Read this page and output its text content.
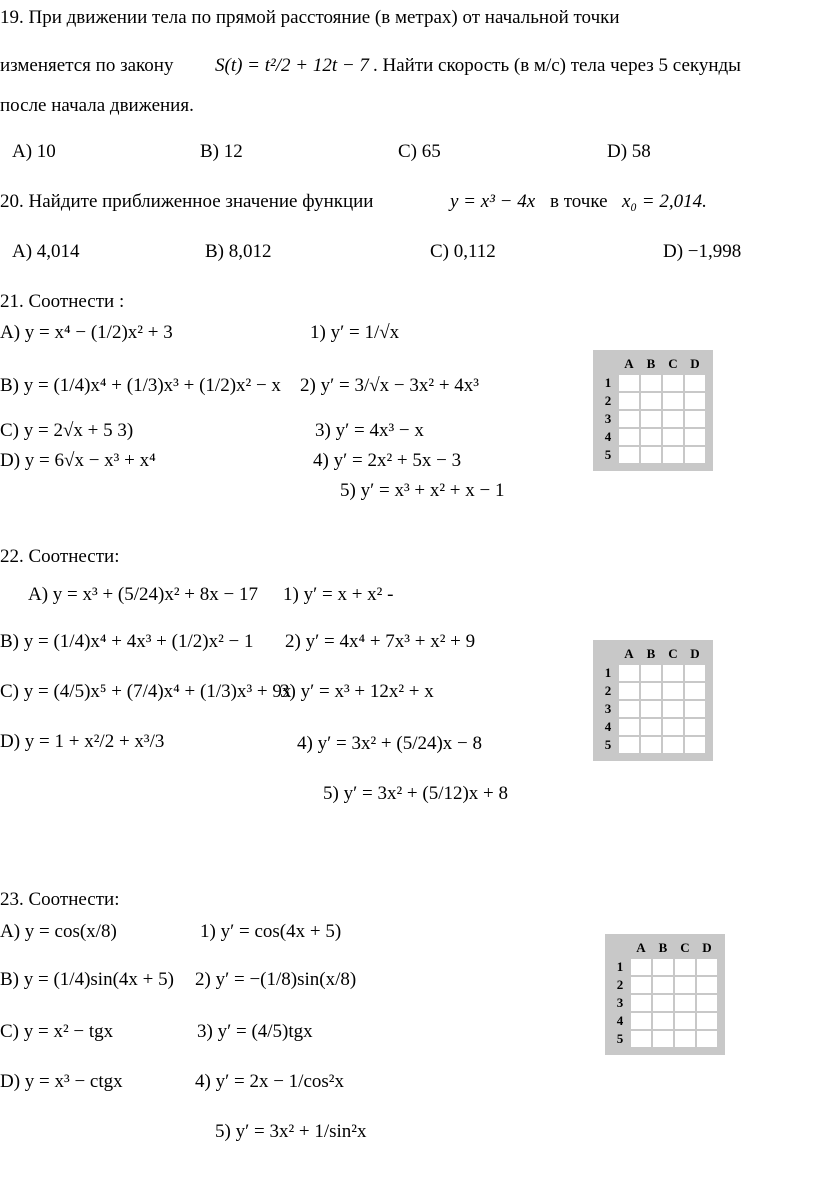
19. При движении тела по прямой расстояние (в метрах) от начальной точки
изменяется по закону S(t) = t²/2 + 12t − 7 . Найти скорость (в м/с) тела через 5 секунды
после начала движения.
A) 10	B) 12	C) 65	D) 58
20. Найдите приближенное значение функции	y = x³ − 4x в точке x₀ = 2,014.
A) 4,014	B) 8,012	C) 0,112	D) −1,998
21. Соотнести :
A) y = x⁴ − (1/2)x² + 3
B) y = (1/4)x⁴ + (1/3)x³ + (1/2)x² − x
C) y = 2√x + 5 3)
D) y = 6√x − x³ + x⁴
1) y′ = 1/√x
2) y′ = 3/√x − 3x² + 4x³
3) y′ = 4x³ − x
4) y′ = 2x² + 5x − 3
5) y′ = x³ + x² + x − 1
	A	B	C	D
1				
2				
3				
4				
5				
22. Соотнести:
A) y = x³ + (5/24)x² + 8x − 17
B) y = (1/4)x⁴ + 4x³ + (1/2)x² − 1
C) y = (4/5)x⁵ + (7/4)x⁴ + (1/3)x³ + 9x
D) y = 1 + x²/2 + x³/3
1) y′ = x + x² -
2) y′ = 4x⁴ + 7x³ + x² + 9
3) y′ = x³ + 12x² + x
4) y′ = 3x² + (5/24)x − 8
5) y′ = 3x² + (5/12)x + 8
	A	B	C	D
1				
2				
3				
4				
5				
23. Соотнести:
A) y = cos(x/8)
B) y = (1/4)sin(4x + 5)
C) y = x² − tgx
D) y = x³ − ctgx
1) y′ = cos(4x + 5)
2) y′ = −(1/8)sin(x/8)
3) y′ = (4/5)tgx
4) y′ = 2x − 1/cos²x
5) y′ = 3x² + 1/sin²x
	A	B	C	D
1				
2				
3				
4				
5				
